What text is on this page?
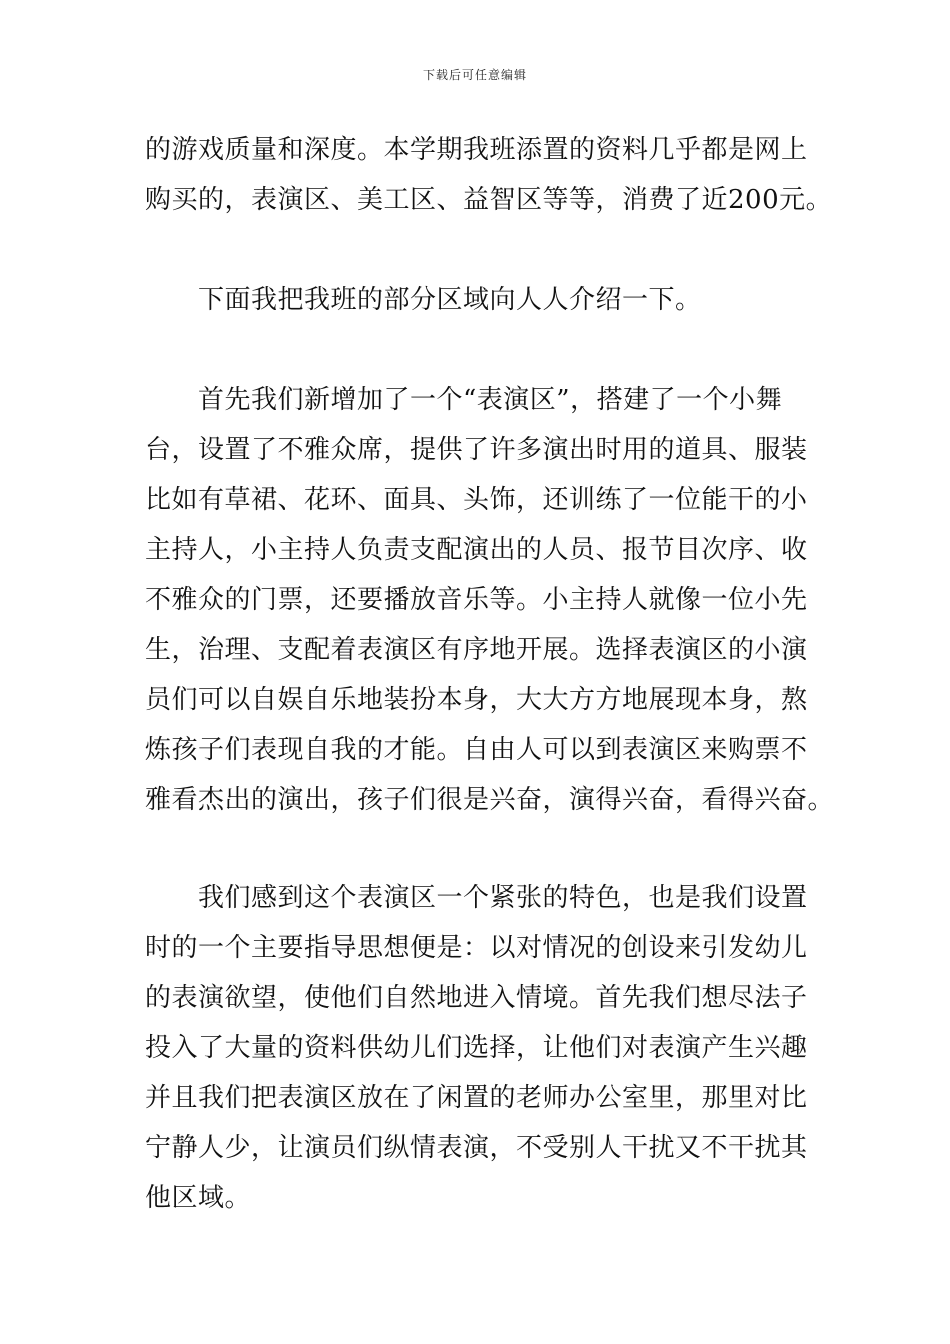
下载后可任意编辑
的游戏质量和深度。本学期我班添置的资料几乎都是网上
购买的，表演区、美工区、益智区等等，消费了近200元。
　　下面我把我班的部分区域向人人介绍一下。
　　首先我们新增加了一个“表演区”，搭建了一个小舞
台，设置了不雅众席，提供了许多演出时用的道具、服装
比如有草裙、花环、面具、头饰，还训练了一位能干的小
主持人，小主持人负责支配演出的人员、报节目次序、收
不雅众的门票，还要播放音乐等。小主持人就像一位小先
生，治理、支配着表演区有序地开展。选择表演区的小演
员们可以自娱自乐地装扮本身，大大方方地展现本身，熬
炼孩子们表现自我的才能。自由人可以到表演区来购票不
雅看杰出的演出，孩子们很是兴奋，演得兴奋，看得兴奋。
　　我们感到这个表演区一个紧张的特色，也是我们设置
时的一个主要指导思想便是：以对情况的创设来引发幼儿
的表演欲望，使他们自然地进入情境。首先我们想尽法子
投入了大量的资料供幼儿们选择，让他们对表演产生兴趣
并且我们把表演区放在了闲置的老师办公室里，那里对比
宁静人少，让演员们纵情表演，不受别人干扰又不干扰其
他区域。
